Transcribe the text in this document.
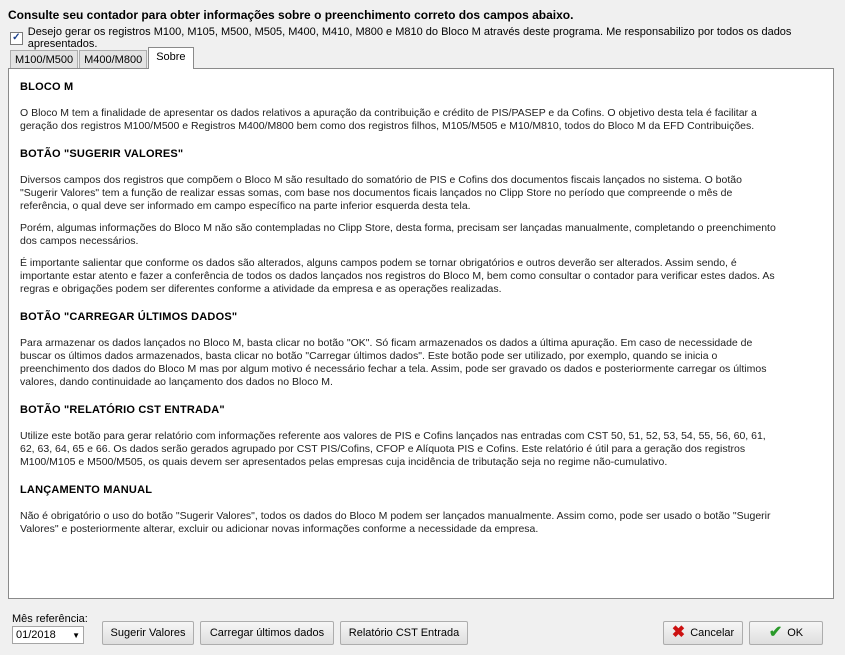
Consulte seu contador para obter informações sobre o preenchimento correto dos campos abaixo.
✓ Desejo gerar os registros M100, M105, M500, M505, M400, M410, M800 e M810 do Bloco M através deste programa. Me responsabilizo por todos os dados apresentados.
M100/M500	M400/M800	Sobre
BLOCO M

O Bloco M tem a finalidade de apresentar os dados relativos a apuração da contribuição e crédito de PIS/PASEP e da Cofins. O objetivo desta tela é facilitar a geração dos registros M100/M500 e Registros M400/M800 bem como dos registros filhos, M105/M505 e M10/M810, todos do Bloco M da EFD Contribuições.

BOTÃO "SUGERIR VALORES"

Diversos campos dos registros que compõem o Bloco M são resultado do somatório de PIS e Cofins dos documentos fiscais lançados no sistema. O botão "Sugerir Valores" tem a função de realizar essas somas, com base nos documentos ficais lançados no Clipp Store no período que compreende o mês de referência, o qual deve ser informado em campo específico na parte inferior esquerda desta tela.

Porém, algumas informações do Bloco M não são contempladas no Clipp Store, desta forma, precisam ser lançadas manualmente, completando o preenchimento dos campos necessários.

É importante salientar que conforme os dados são alterados, alguns campos podem se tornar obrigatórios e outros deverão ser alterados. Assim sendo, é importante estar atento e fazer a conferência de todos os dados lançados nos registros do Bloco M, bem como consultar o contador para verificar estes dados. As regras e obrigações podem ser diferentes conforme a atividade da empresa e as operações realizadas.

BOTÃO "CARREGAR ÚLTIMOS DADOS"

Para armazenar os dados lançados no Bloco M, basta clicar no botão "OK". Só ficam armazenados os dados a última apuração. Em caso de necessidade de buscar os últimos dados armazenados, basta clicar no botão "Carregar últimos dados". Este botão pode ser utilizado, por exemplo, quando se inicia o preenchimento dos dados do Bloco M mas por algum motivo é necessário fechar a tela. Assim, pode ser gravado os dados e posteriormente carregar os últimos valores, dando continuidade ao lançamento dos dados no Bloco M.

BOTÃO "RELATÓRIO CST ENTRADA"

Utilize este botão para gerar relatório com informações referente aos valores de PIS e Cofins lançados nas entradas com CST 50, 51, 52, 53, 54, 55, 56, 60, 61, 62, 63, 64, 65 e 66. Os dados serão gerados agrupado por CST PIS/Cofins, CFOP e Alíquota PIS e Cofins. Este relatório é útil para a geração dos registros M100/M105 e M500/M505, os quais devem ser apresentados pelas empresas cuja incidência de tributação seja no regime não-cumulativo.

LANÇAMENTO MANUAL

Não é obrigatório o uso do botão "Sugerir Valores", todos os dados do Bloco M podem ser lançados manualmente. Assim como, pode ser usado o botão "Sugerir Valores" e posteriormente alterar, excluir ou adicionar novas informações conforme a necessidade da empresa.

Mês referência:
01/2018 ▼	Sugerir Valores Carregar últimos dados Relatório CST Entrada	✖ Cancelar ✔ OK
